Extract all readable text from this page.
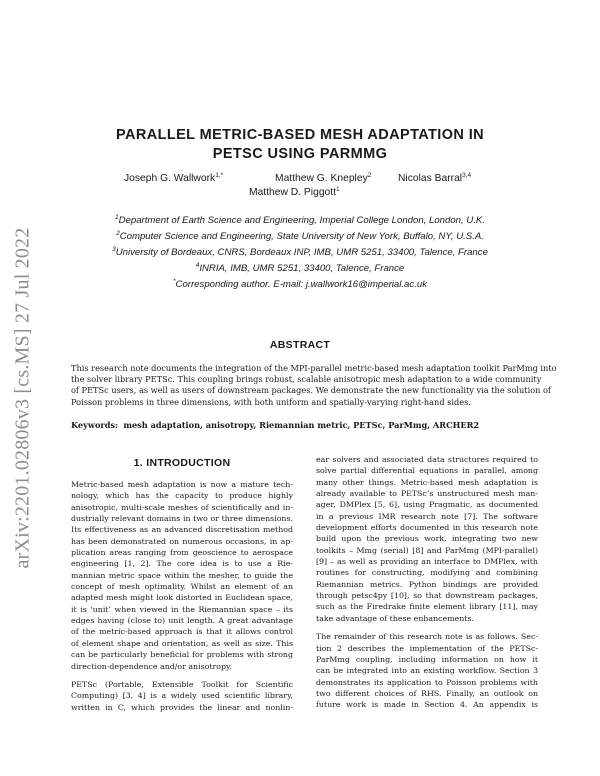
arXiv:2201.02806v3 [cs.MS] 27 Jul 2022
PARALLEL METRIC-BASED MESH ADAPTATION IN
PETSC USING PARMMG
Joseph G. Wallwork$^{1,*}$	Matthew G. Knepley$^2$	Nicolas Barral$^{3,4}$
Matthew D. Piggott$^1$
$^1$Department of Earth Science and Engineering, Imperial College London, London, U.K.
$^2$Computer Science and Engineering, State University of New York, Buffalo, NY, U.S.A.
$^3$University of Bordeaux, CNRS, Bordeaux INP, IMB, UMR 5251, 33400, Talence, France
$^4$INRIA, IMB, UMR 5251, 33400, Talence, France
*Corresponding author. E-mail: j.wallwork16@imperial.ac.uk
ABSTRACT
This research note documents the integration of the MPI-parallel metric-based mesh adaptation toolkit ParMmg into
the solver library PETSc. This coupling brings robust, scalable anisotropic mesh adaptation to a wide community
of PETSc users, as well as users of downstream packages. We demonstrate the new functionality via the solution of
Poisson problems in three dimensions, with both uniform and spatially-varying right-hand sides.
Keywords: mesh adaptation, anisotropy, Riemannian metric, PETSc, ParMmg, ARCHER2
1. INTRODUCTION
Metric-based mesh adaptation is now a mature tech-
nology, which has the capacity to produce highly
anisotropic, multi-scale meshes of scientifically and in-
dustrially relevant domains in two or three dimensions.
Its effectiveness as an advanced discretisation method
has been demonstrated on numerous occasions, in ap-
plication areas ranging from geoscience to aerospace
engineering [1, 2]. The core idea is to use a Rie-
mannian metric space within the mesher, to guide the
concept of mesh optimality. Whilst an element of an
adapted mesh might look distorted in Euclidean space,
it is ‘unit’ when viewed in the Riemannian space – its
edges having (close to) unit length. A great advantage
of the metric-based approach is that it allows control
of element shape and orientation, as well as size. This
can be particularly beneficial for problems with strong
direction-dependence and/or anisotropy.
PETSc (Portable, Extensible Toolkit for Scientific
Computing) [3, 4] is a widely used scientific library,
written in C, which provides the linear and nonlin-
ear solvers and associated data structures required to
solve partial differential equations in parallel, among
many other things. Metric-based mesh adaptation is
already available to PETSc’s unstructured mesh man-
ager, DMPlex [5, 6], using Pragmatic, as documented
in a previous IMR research note [7]. The software
development efforts documented in this research note
build upon the previous work, integrating two new
toolkits – Mmg (serial) [8] and ParMmg (MPI-parallel)
[9] – as well as providing an interface to DMPlex, with
routines for constructing, modifying and combining
Riemannian metrics. Python bindings are provided
through petsc4py [10], so that downstream packages,
such as the Firedrake finite element library [11], may
take advantage of these enhancements.
The remainder of this research note is as follows. Sec-
tion 2 describes the implementation of the PETSc-
ParMmg coupling, including information on how it
can be integrated into an existing workflow. Section 3
demonstrates its application to Poisson problems with
two different choices of RHS. Finally, an outlook on
future work is made in Section 4. An appendix is
